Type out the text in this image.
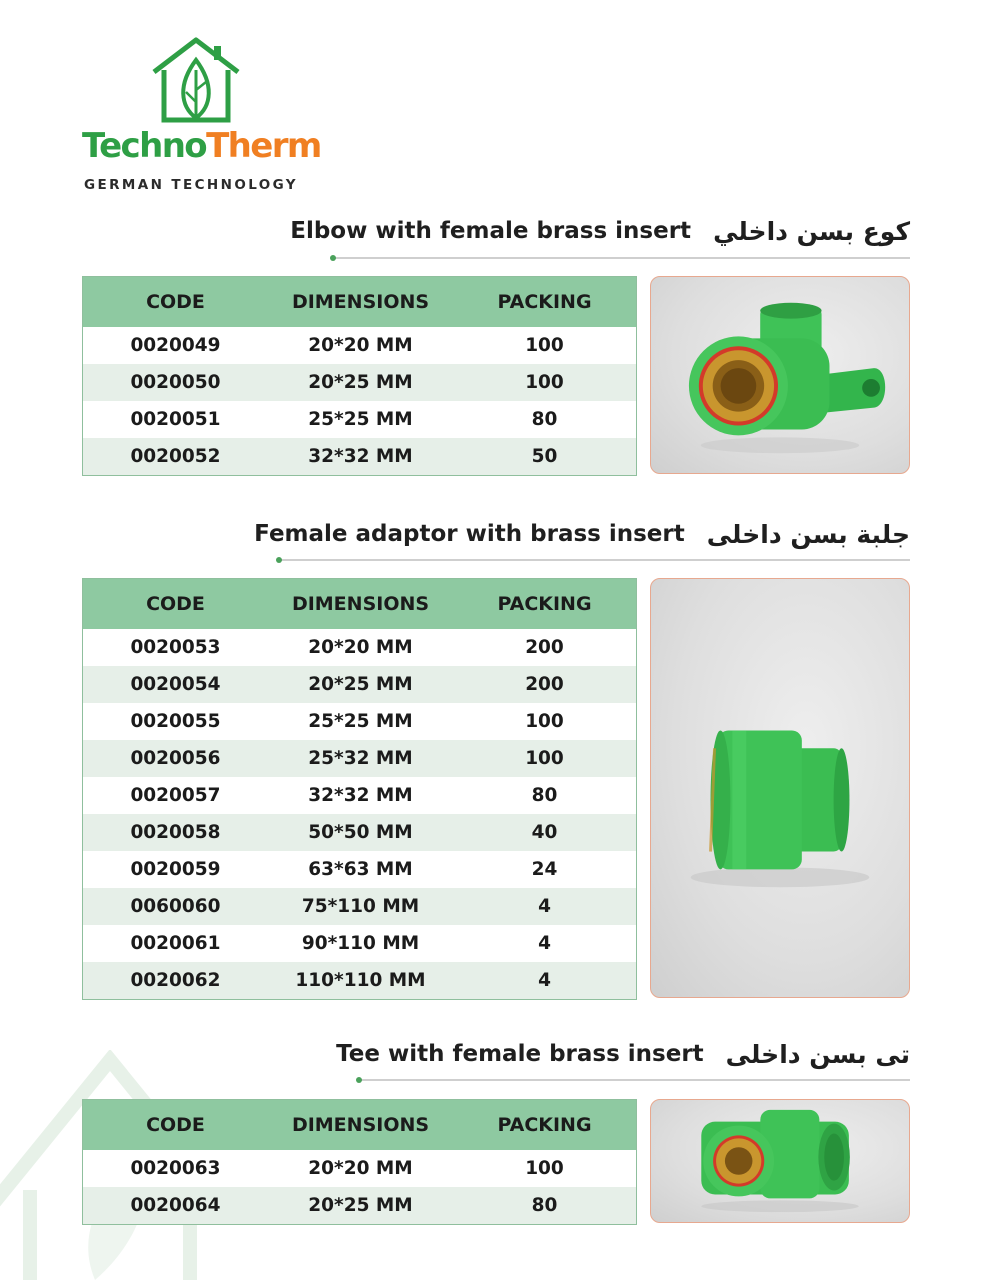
TechnoTherm
GERMAN TECHNOLOGY
Elbow with female brass insert كوع بسن داخلي
CODE	DIMENSIONS	PACKING
0020049	20*20 MM	100
0020050	20*25 MM	100
0020051	25*25 MM	80
0020052	32*32 MM	50
Female adaptor with brass insert جلبة بسن داخلى
CODE	DIMENSIONS	PACKING
0020053	20*20 MM	200
0020054	20*25 MM	200
0020055	25*25 MM	100
0020056	25*32 MM	100
0020057	32*32 MM	80
0020058	50*50 MM	40
0020059	63*63 MM	24
0060060	75*110 MM	4
0020061	90*110 MM	4
0020062	110*110 MM	4
Tee with female brass insert تى بسن داخلى
CODE	DIMENSIONS	PACKING
0020063	20*20 MM	100
0020064	20*25 MM	80
